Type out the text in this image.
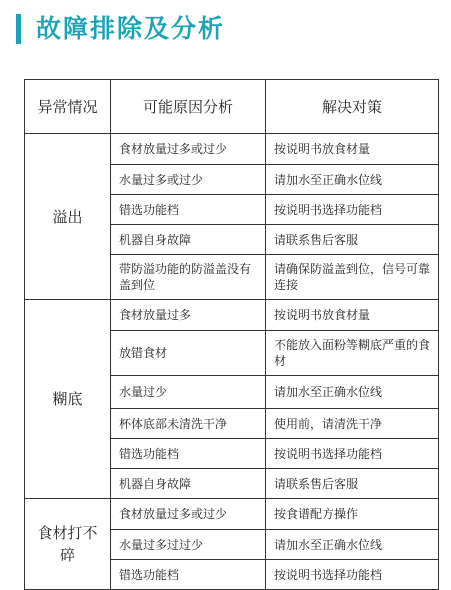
故障排除及分析
异常情况	可能原因分析	解决对策
溢出	食材放量过多或过少	按说明书放食材量
	水量过多或过少	请加水至正确水位线
	错选功能档	按说明书选择功能档
	机器自身故障	请联系售后客服
	带防溢功能的防溢盖没有盖到位	请确保防溢盖到位，信号可靠连接
糊底	食材放量过多	按说明书放食材量
	放错食材	不能放入面粉等糊底严重的食材
	水量过少	请加水至正确水位线
	杯体底部未清洗干净	使用前，请清洗干净
	错选功能档	按说明书选择功能档
	机器自身故障	请联系售后客服
食材打不碎	食材放量过多或过少	按食谱配方操作
	水量过多过过少	请加水至正确水位线
	错选功能档	按说明书选择功能档
